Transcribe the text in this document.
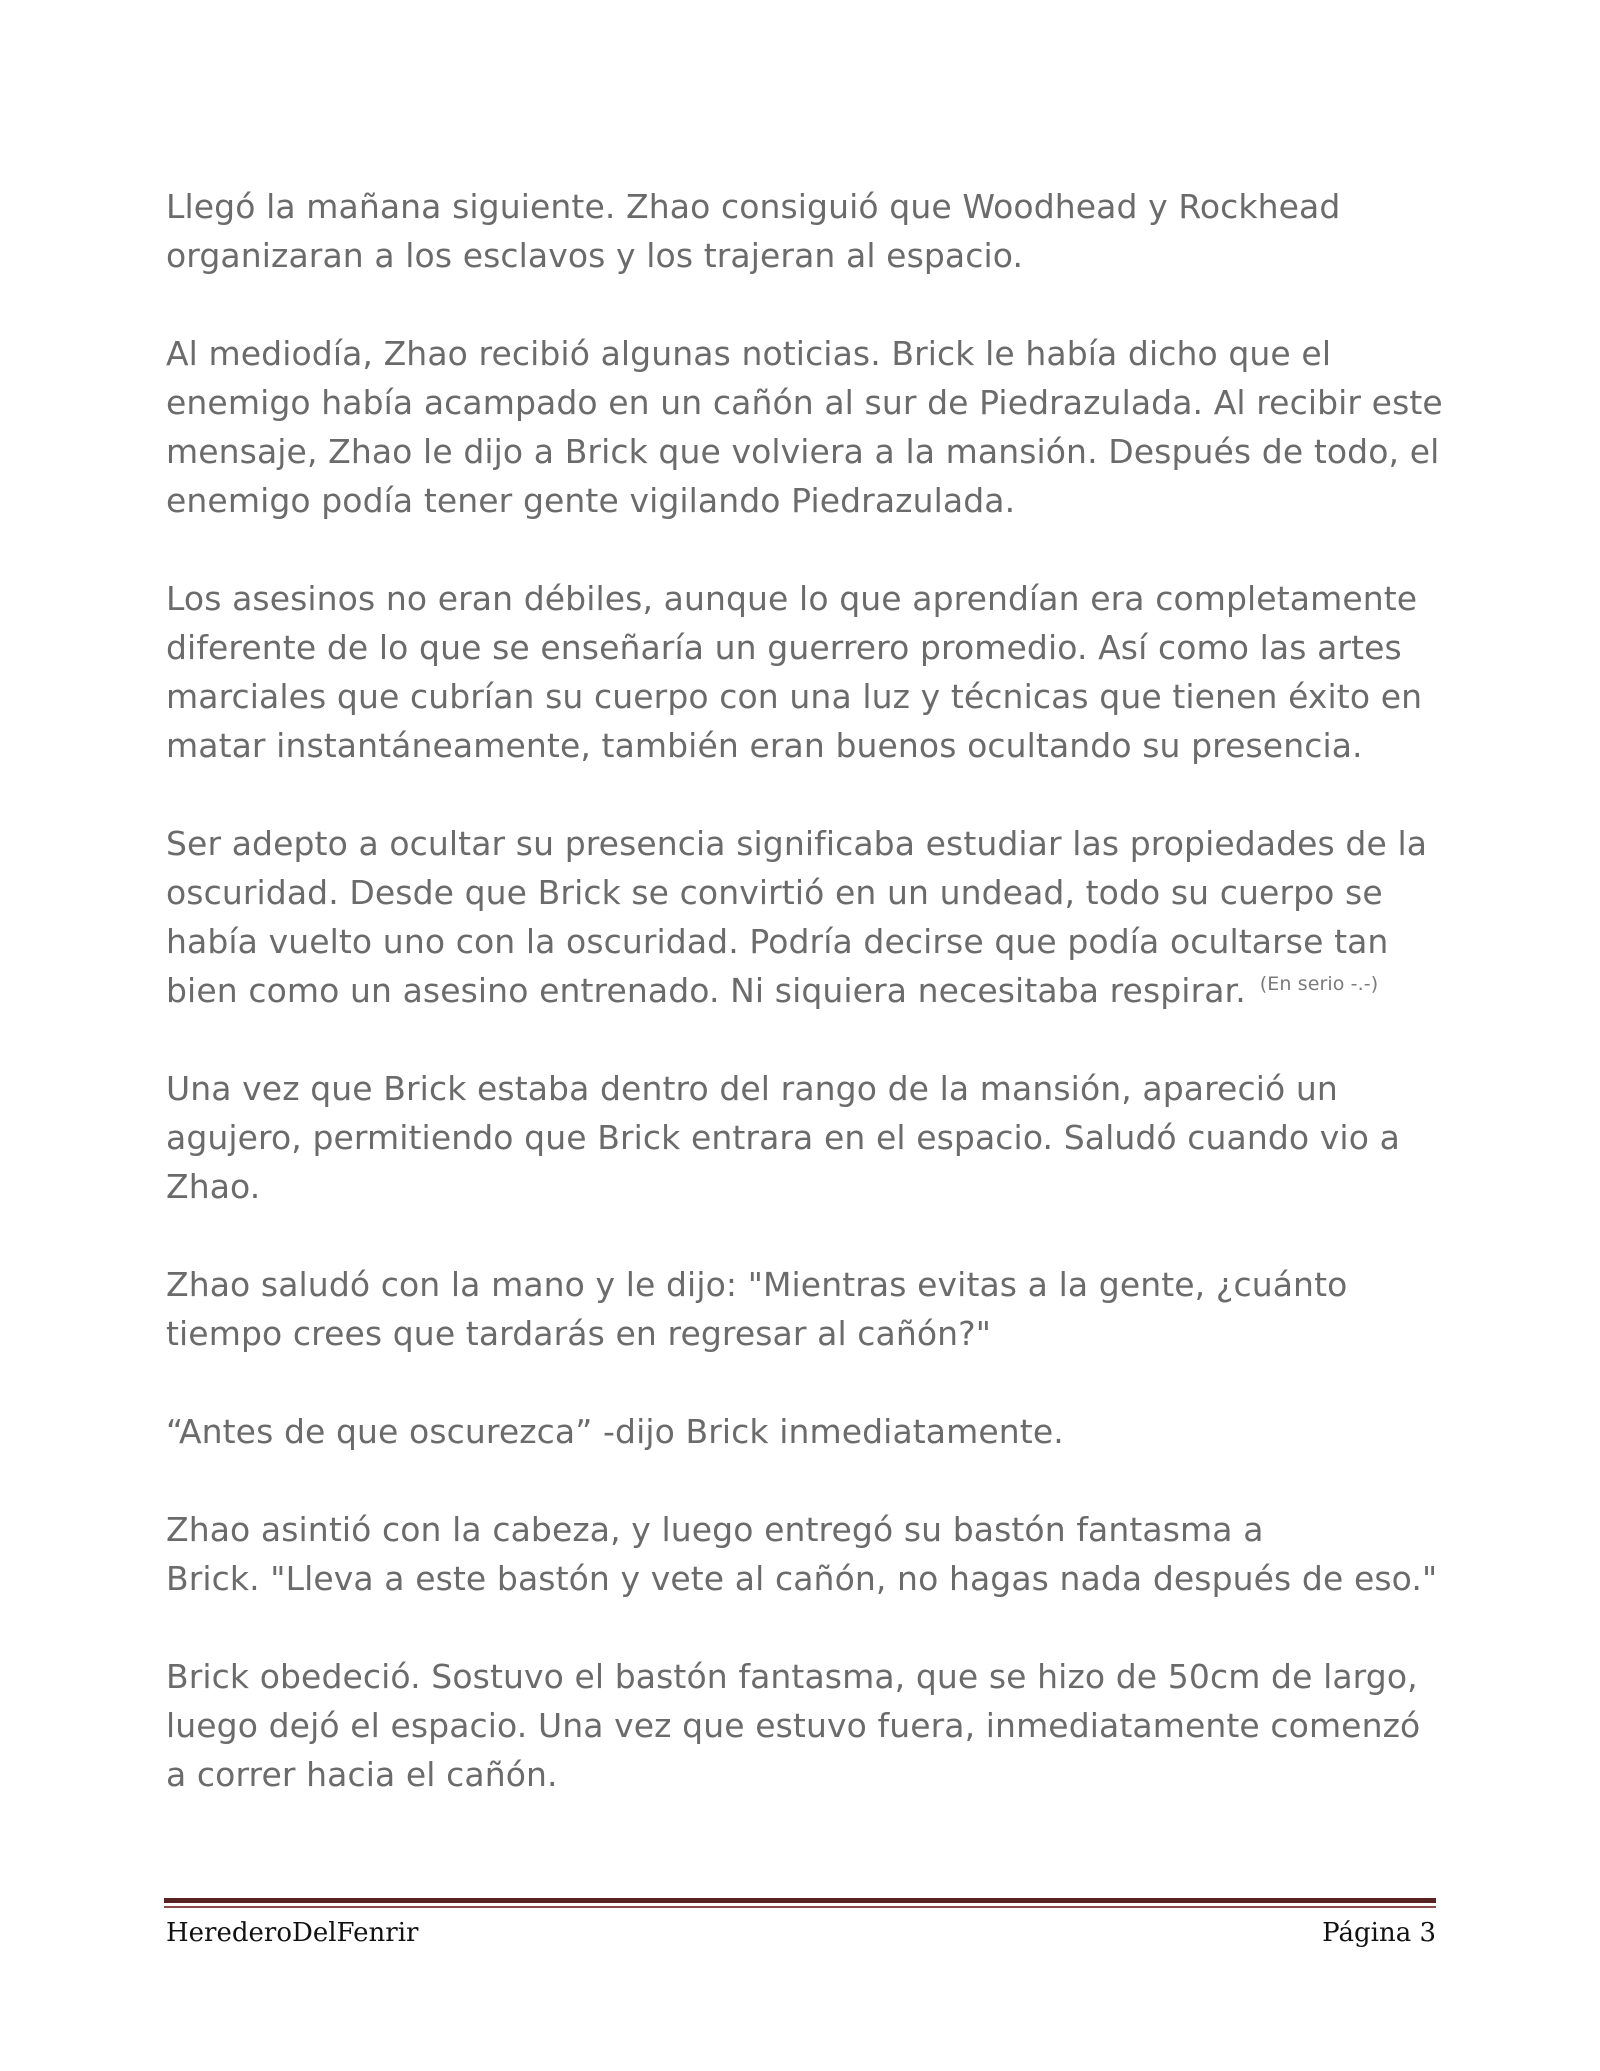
Llegó la mañana siguiente. Zhao consiguió que Woodhead y Rockhead
organizaran a los esclavos y los trajeran al espacio.

Al mediodía, Zhao recibió algunas noticias. Brick le había dicho que el
enemigo había acampado en un cañón al sur de Piedrazulada. Al recibir este
mensaje, Zhao le dijo a Brick que volviera a la mansión. Después de todo, el
enemigo podía tener gente vigilando Piedrazulada.

Los asesinos no eran débiles, aunque lo que aprendían era completamente
diferente de lo que se enseñaría un guerrero promedio. Así como las artes
marciales que cubrían su cuerpo con una luz y técnicas que tienen éxito en
matar instantáneamente, también eran buenos ocultando su presencia.

Ser adepto a ocultar su presencia significaba estudiar las propiedades de la
oscuridad. Desde que Brick se convirtió en un undead, todo su cuerpo se
había vuelto uno con la oscuridad. Podría decirse que podía ocultarse tan
bien como un asesino entrenado. Ni siquiera necesitaba respirar. $^{(En serio -.-)}$

Una vez que Brick estaba dentro del rango de la mansión, apareció un
agujero, permitiendo que Brick entrara en el espacio. Saludó cuando vio a
Zhao.

Zhao saludó con la mano y le dijo: "Mientras evitas a la gente, ¿cuánto
tiempo crees que tardarás en regresar al cañón?"

“Antes de que oscurezca” -dijo Brick inmediatamente.

Zhao asintió con la cabeza, y luego entregó su bastón fantasma a
Brick. "Lleva a este bastón y vete al cañón, no hagas nada después de eso."

Brick obedeció. Sostuvo el bastón fantasma, que se hizo de 50cm de largo,
luego dejó el espacio. Una vez que estuvo fuera, inmediatamente comenzó
a correr hacia el cañón.

HerederoDelFenrir	Página 3
